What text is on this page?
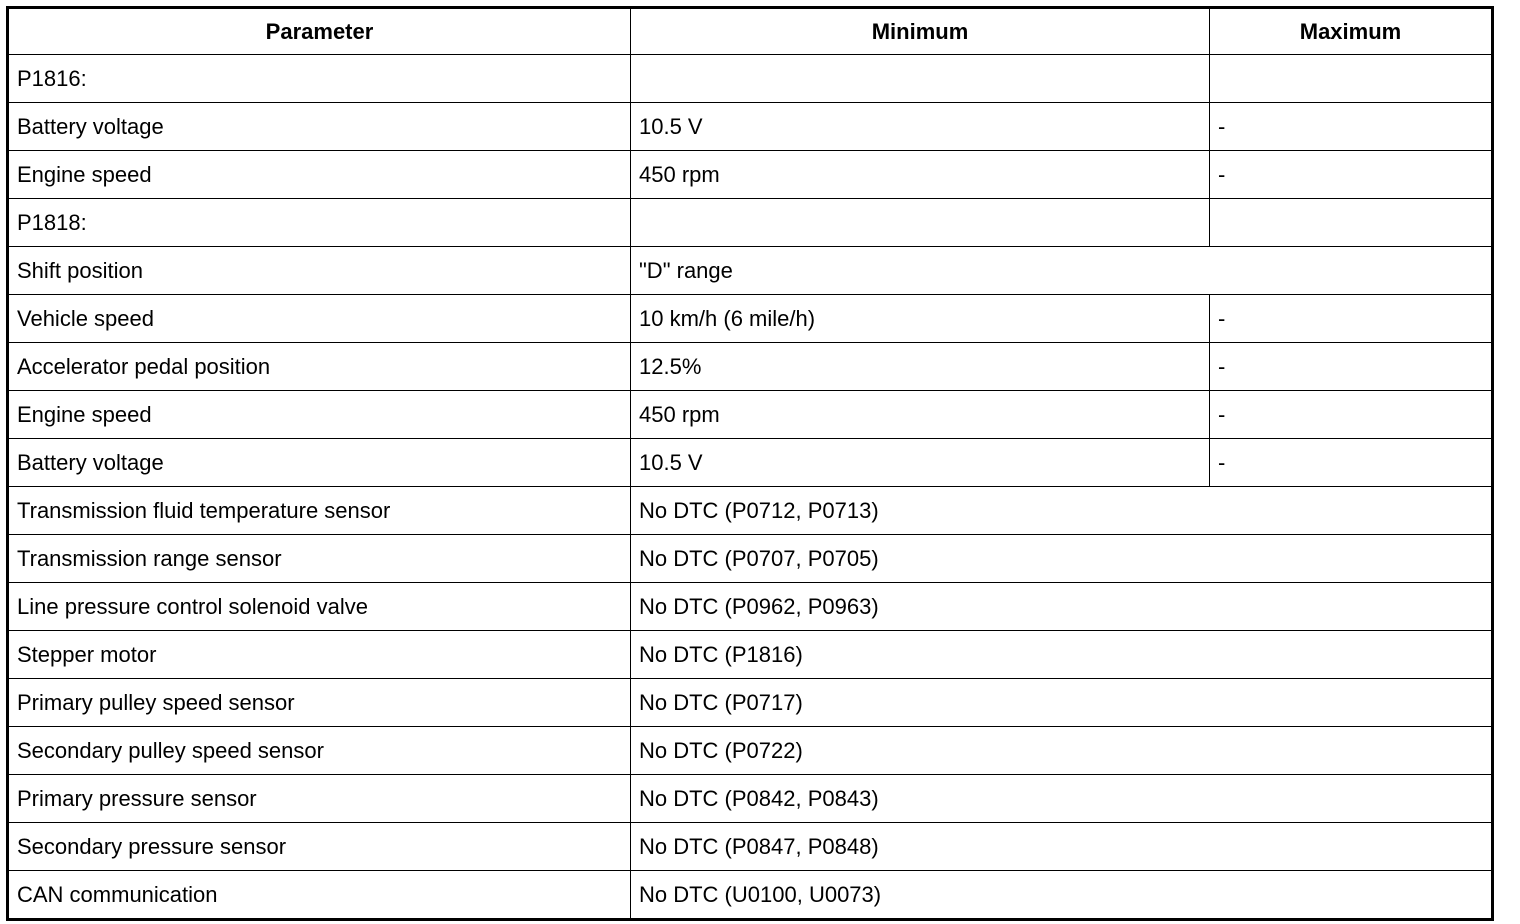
Parameter	Minimum	Maximum
P1816:		
Battery voltage	10.5 V	-
Engine speed	450 rpm	-
P1818:		
Shift position	"D" range	
Vehicle speed	10 km/h (6 mile/h)	-
Accelerator pedal position	12.5%	-
Engine speed	450 rpm	-
Battery voltage	10.5 V	-
Transmission fluid temperature sensor	No DTC (P0712, P0713)	
Transmission range sensor	No DTC (P0707, P0705)	
Line pressure control solenoid valve	No DTC (P0962, P0963)	
Stepper motor	No DTC (P1816)	
Primary pulley speed sensor	No DTC (P0717)	
Secondary pulley speed sensor	No DTC (P0722)	
Primary pressure sensor	No DTC (P0842, P0843)	
Secondary pressure sensor	No DTC (P0847, P0848)	
CAN communication	No DTC (U0100, U0073)	
